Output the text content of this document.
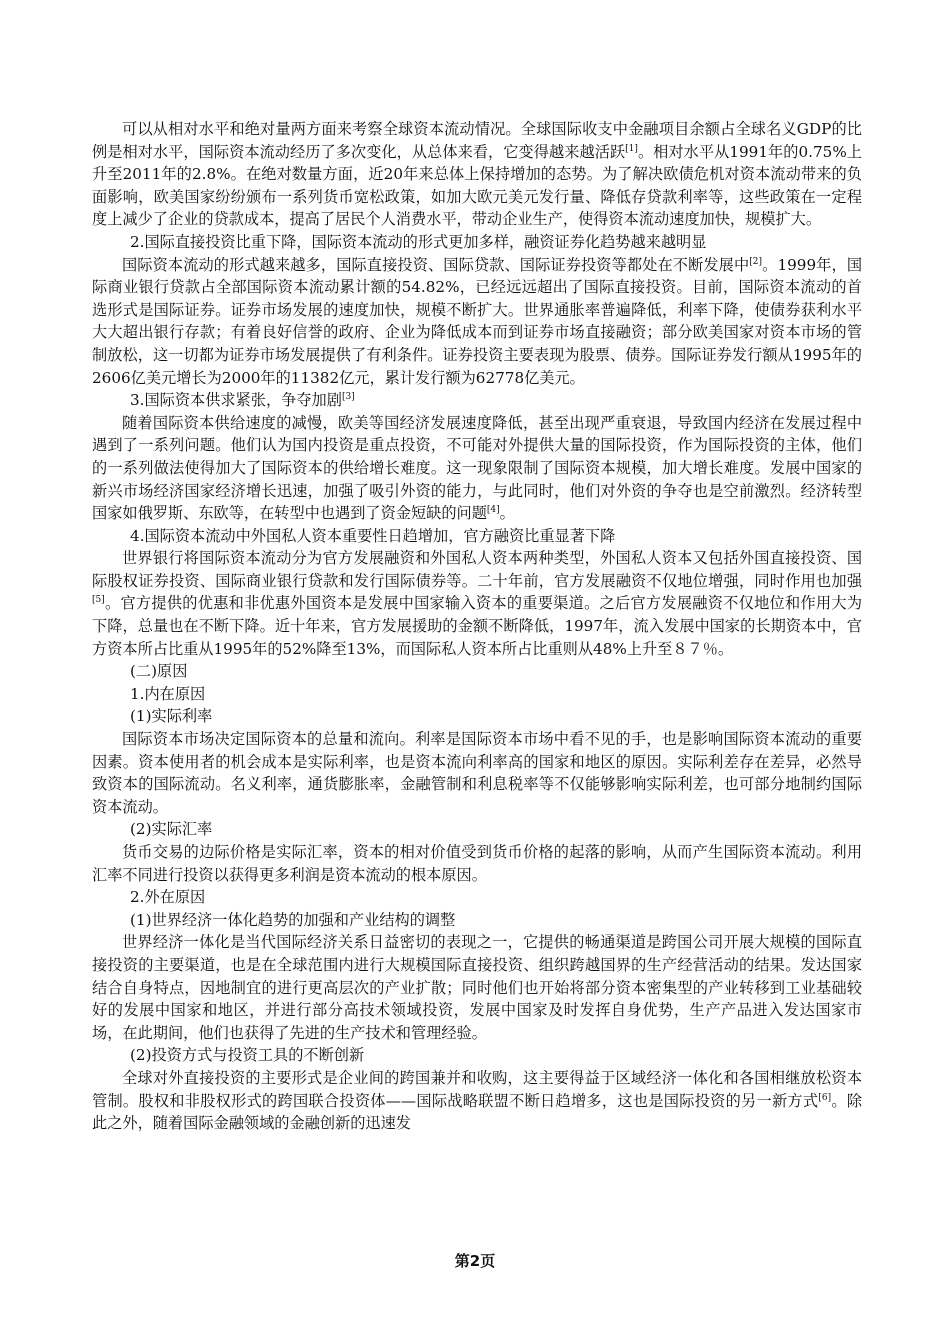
可以从相对水平和绝对量两方面来考察全球资本流动情况。全球国际收支中金融项目余额占全球名义GDP的比例是相对水平，国际资本流动经历了多次变化，从总体来看，它变得越来越活跃[1]。相对水平从1991年的0.75%上升至2011年的2.8%。在绝对数量方面，近20年来总体上保持增加的态势。为了解决欧债危机对资本流动带来的负面影响，欧美国家纷纷颁布一系列货币宽松政策，如加大欧元美元发行量、降低存贷款利率等，这些政策在一定程度上减少了企业的贷款成本，提高了居民个人消费水平，带动企业生产，使得资本流动速度加快，规模扩大。

2.国际直接投资比重下降，国际资本流动的形式更加多样，融资证券化趋势越来越明显

国际资本流动的形式越来越多，国际直接投资、国际贷款、国际证券投资等都处在不断发展中[2]。1999年，国际商业银行贷款占全部国际资本流动累计额的54.82%，已经远远超出了国际直接投资。目前，国际资本流动的首选形式是国际证券。证券市场发展的速度加快，规模不断扩大。世界通胀率普遍降低，利率下降，使债券获利水平大大超出银行存款；有着良好信誉的政府、企业为降低成本而到证券市场直接融资；部分欧美国家对资本市场的管制放松，这一切都为证券市场发展提供了有利条件。证券投资主要表现为股票、债券。国际证券发行额从1995年的2606亿美元增长为2000年的11382亿元，累计发行额为62778亿美元。

3.国际资本供求紧张，争夺加剧[3]

随着国际资本供给速度的减慢，欧美等国经济发展速度降低，甚至出现严重衰退，导致国内经济在发展过程中遇到了一系列问题。他们认为国内投资是重点投资，不可能对外提供大量的国际投资，作为国际投资的主体，他们的一系列做法使得加大了国际资本的供给增长难度。这一现象限制了国际资本规模，加大增长难度。发展中国家的新兴市场经济国家经济增长迅速，加强了吸引外资的能力，与此同时，他们对外资的争夺也是空前激烈。经济转型国家如俄罗斯、东欧等，在转型中也遇到了资金短缺的问题[4]。

4.国际资本流动中外国私人资本重要性日趋增加，官方融资比重显著下降

世界银行将国际资本流动分为官方发展融资和外国私人资本两种类型，外国私人资本又包括外国直接投资、国际股权证券投资、国际商业银行贷款和发行国际债券等。二十年前，官方发展融资不仅地位增强，同时作用也加强[5]。官方提供的优惠和非优惠外国资本是发展中国家输入资本的重要渠道。之后官方发展融资不仅地位和作用大为下降，总量也在不断下降。近十年来，官方发展援助的金额不断降低，1997年，流入发展中国家的长期资本中，官方资本所占比重从1995年的52%降至13%，而国际私人资本所占比重则从48%上升至８７％。

(二)原因

1.内在原因

(1)实际利率

国际资本市场决定国际资本的总量和流向。利率是国际资本市场中看不见的手，也是影响国际资本流动的重要因素。资本使用者的机会成本是实际利率，也是资本流向利率高的国家和地区的原因。实际利差存在差异，必然导致资本的国际流动。名义利率，通货膨胀率，金融管制和利息税率等不仅能够影响实际利差，也可部分地制约国际资本流动。

(2)实际汇率

货币交易的边际价格是实际汇率，资本的相对价值受到货币价格的起落的影响，从而产生国际资本流动。利用汇率不同进行投资以获得更多利润是资本流动的根本原因。

2.外在原因

(1)世界经济一体化趋势的加强和产业结构的调整

世界经济一体化是当代国际经济关系日益密切的表现之一，它提供的畅通渠道是跨国公司开展大规模的国际直接投资的主要渠道，也是在全球范围内进行大规模国际直接投资、组织跨越国界的生产经营活动的结果。发达国家结合自身特点，因地制宜的进行更高层次的产业扩散；同时他们也开始将部分资本密集型的产业转移到工业基础较好的发展中国家和地区，并进行部分高技术领域投资，发展中国家及时发挥自身优势，生产产品进入发达国家市场，在此期间，他们也获得了先进的生产技术和管理经验。

(2)投资方式与投资工具的不断创新

全球对外直接投资的主要形式是企业间的跨国兼并和收购，这主要得益于区域经济一体化和各国相继放松资本管制。股权和非股权形式的跨国联合投资体——国际战略联盟不断日趋增多，这也是国际投资的另一新方式[6]。除此之外，随着国际金融领域的金融创新的迅速发

第2页
